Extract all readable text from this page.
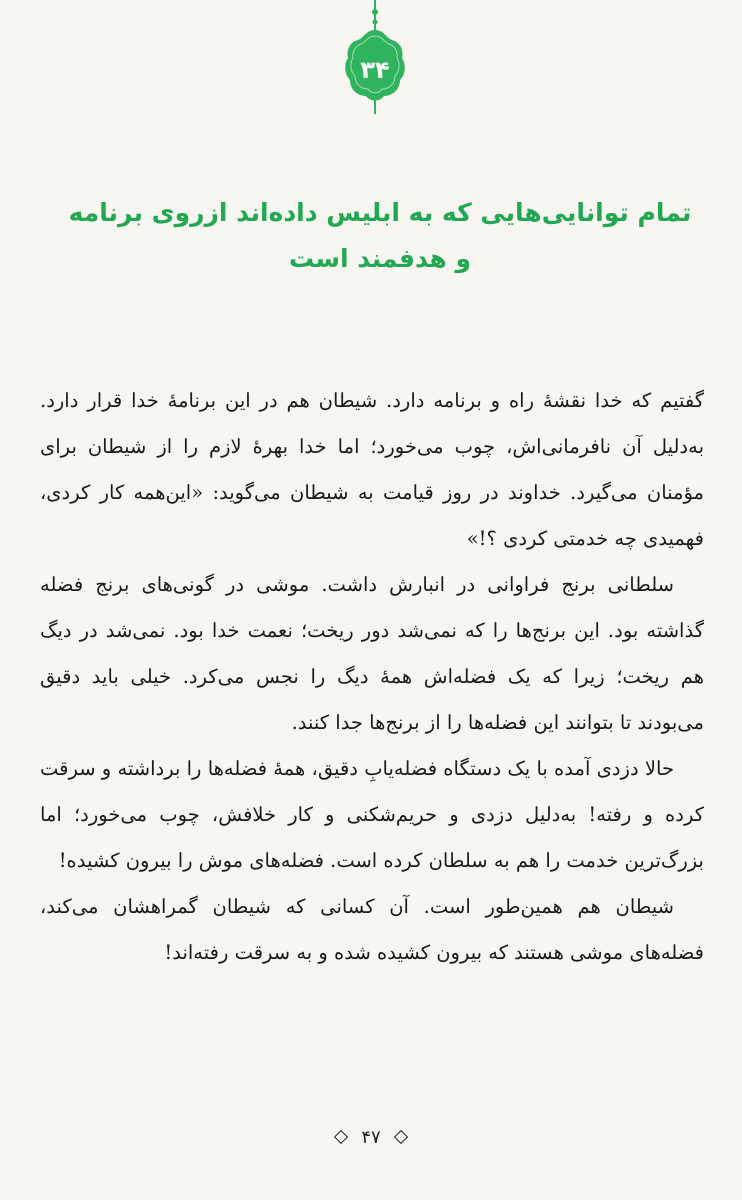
۳۴
تمام توانایی‌هایی که به ابلیس داده‌اند ازروی برنامه و هدفمند است

گفتیم که خدا نقشهٔ راه و برنامه دارد. شیطان هم در این برنامهٔ خدا قرار دارد. به‌دلیل آن نافرمانی‌اش، چوب می‌خورد؛ اما خدا بهرهٔ لازم را از شیطان برای مؤمنان می‌گیرد. خداوند در روز قیامت به شیطان می‌گوید: «این‌همه کار کردی، فهمیدی چه خدمتی کردی ؟!»

سلطانی برنج فراوانی در انبارش داشت. موشی در گونی‌های برنج فضله گذاشته بود. این برنج‌ها را که نمی‌شد دور ریخت؛ نعمت خدا بود. نمی‌شد در دیگ هم ریخت؛ زیرا که یک فضله‌اش همهٔ دیگ را نجس می‌کرد. خیلی باید دقیق می‌بودند تا بتوانند این فضله‌ها را از برنج‌ها جدا کنند.

حالا دزدی آمده با یک دستگاه فضله‌یابِ دقیق، همهٔ فضله‌ها را برداشته و سرقت کرده و رفته! به‌دلیل دزدی و حریم‌شکنی و کار خلافش، چوب می‌خورد؛ اما بزرگ‌ترین خدمت را هم به سلطان کرده است. فضله‌های موش را بیرون کشیده!

شیطان هم همین‌طور است. آن کسانی که شیطان گمراهشان می‌کند، فضله‌های موشی هستند که بیرون کشیده شده و به سرقت رفته‌اند!

۴۷
